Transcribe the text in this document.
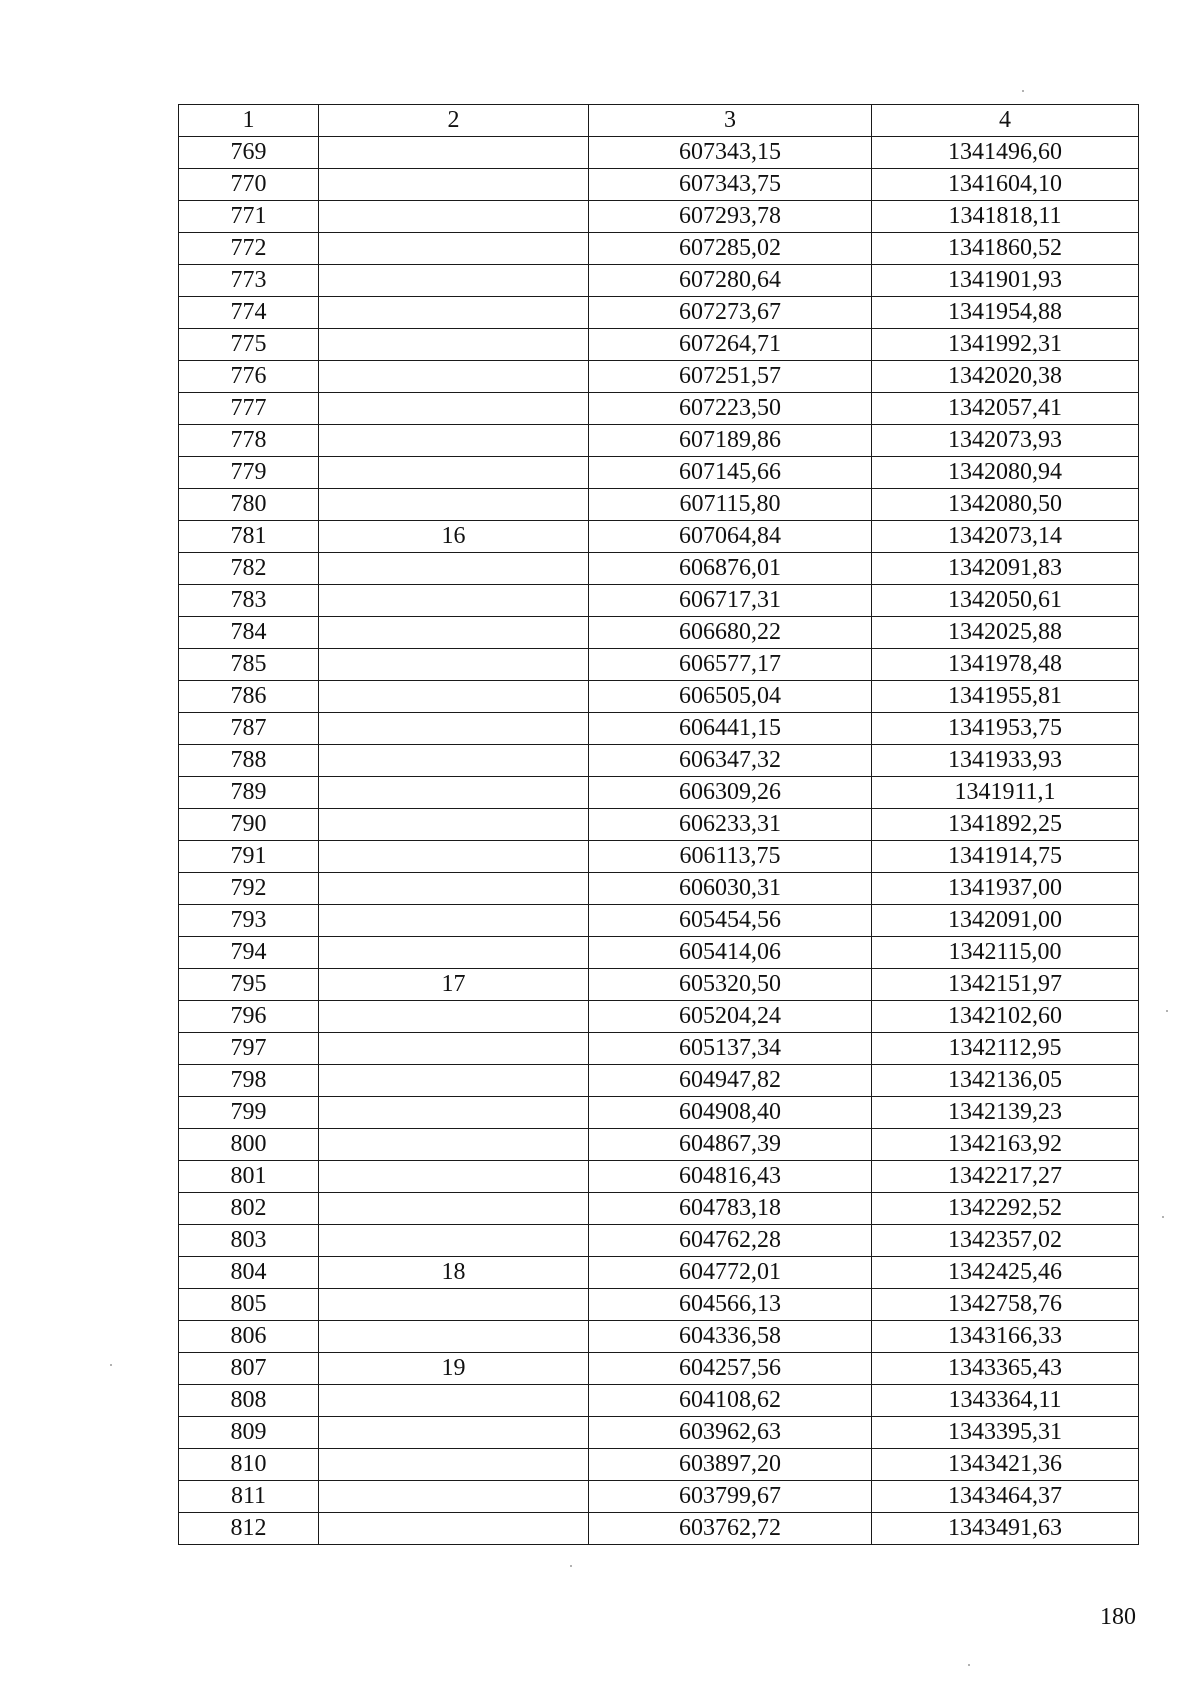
1	2	3	4
769		607343,15	1341496,60
770		607343,75	1341604,10
771		607293,78	1341818,11
772		607285,02	1341860,52
773		607280,64	1341901,93
774		607273,67	1341954,88
775		607264,71	1341992,31
776		607251,57	1342020,38
777		607223,50	1342057,41
778		607189,86	1342073,93
779		607145,66	1342080,94
780		607115,80	1342080,50
781	16	607064,84	1342073,14
782		606876,01	1342091,83
783		606717,31	1342050,61
784		606680,22	1342025,88
785		606577,17	1341978,48
786		606505,04	1341955,81
787		606441,15	1341953,75
788		606347,32	1341933,93
789		606309,26	1341911,1
790		606233,31	1341892,25
791		606113,75	1341914,75
792		606030,31	1341937,00
793		605454,56	1342091,00
794		605414,06	1342115,00
795	17	605320,50	1342151,97
796		605204,24	1342102,60
797		605137,34	1342112,95
798		604947,82	1342136,05
799		604908,40	1342139,23
800		604867,39	1342163,92
801		604816,43	1342217,27
802		604783,18	1342292,52
803		604762,28	1342357,02
804	18	604772,01	1342425,46
805		604566,13	1342758,76
806		604336,58	1343166,33
807	19	604257,56	1343365,43
808		604108,62	1343364,11
809		603962,63	1343395,31
810		603897,20	1343421,36
811		603799,67	1343464,37
812		603762,72	1343491,63
180
